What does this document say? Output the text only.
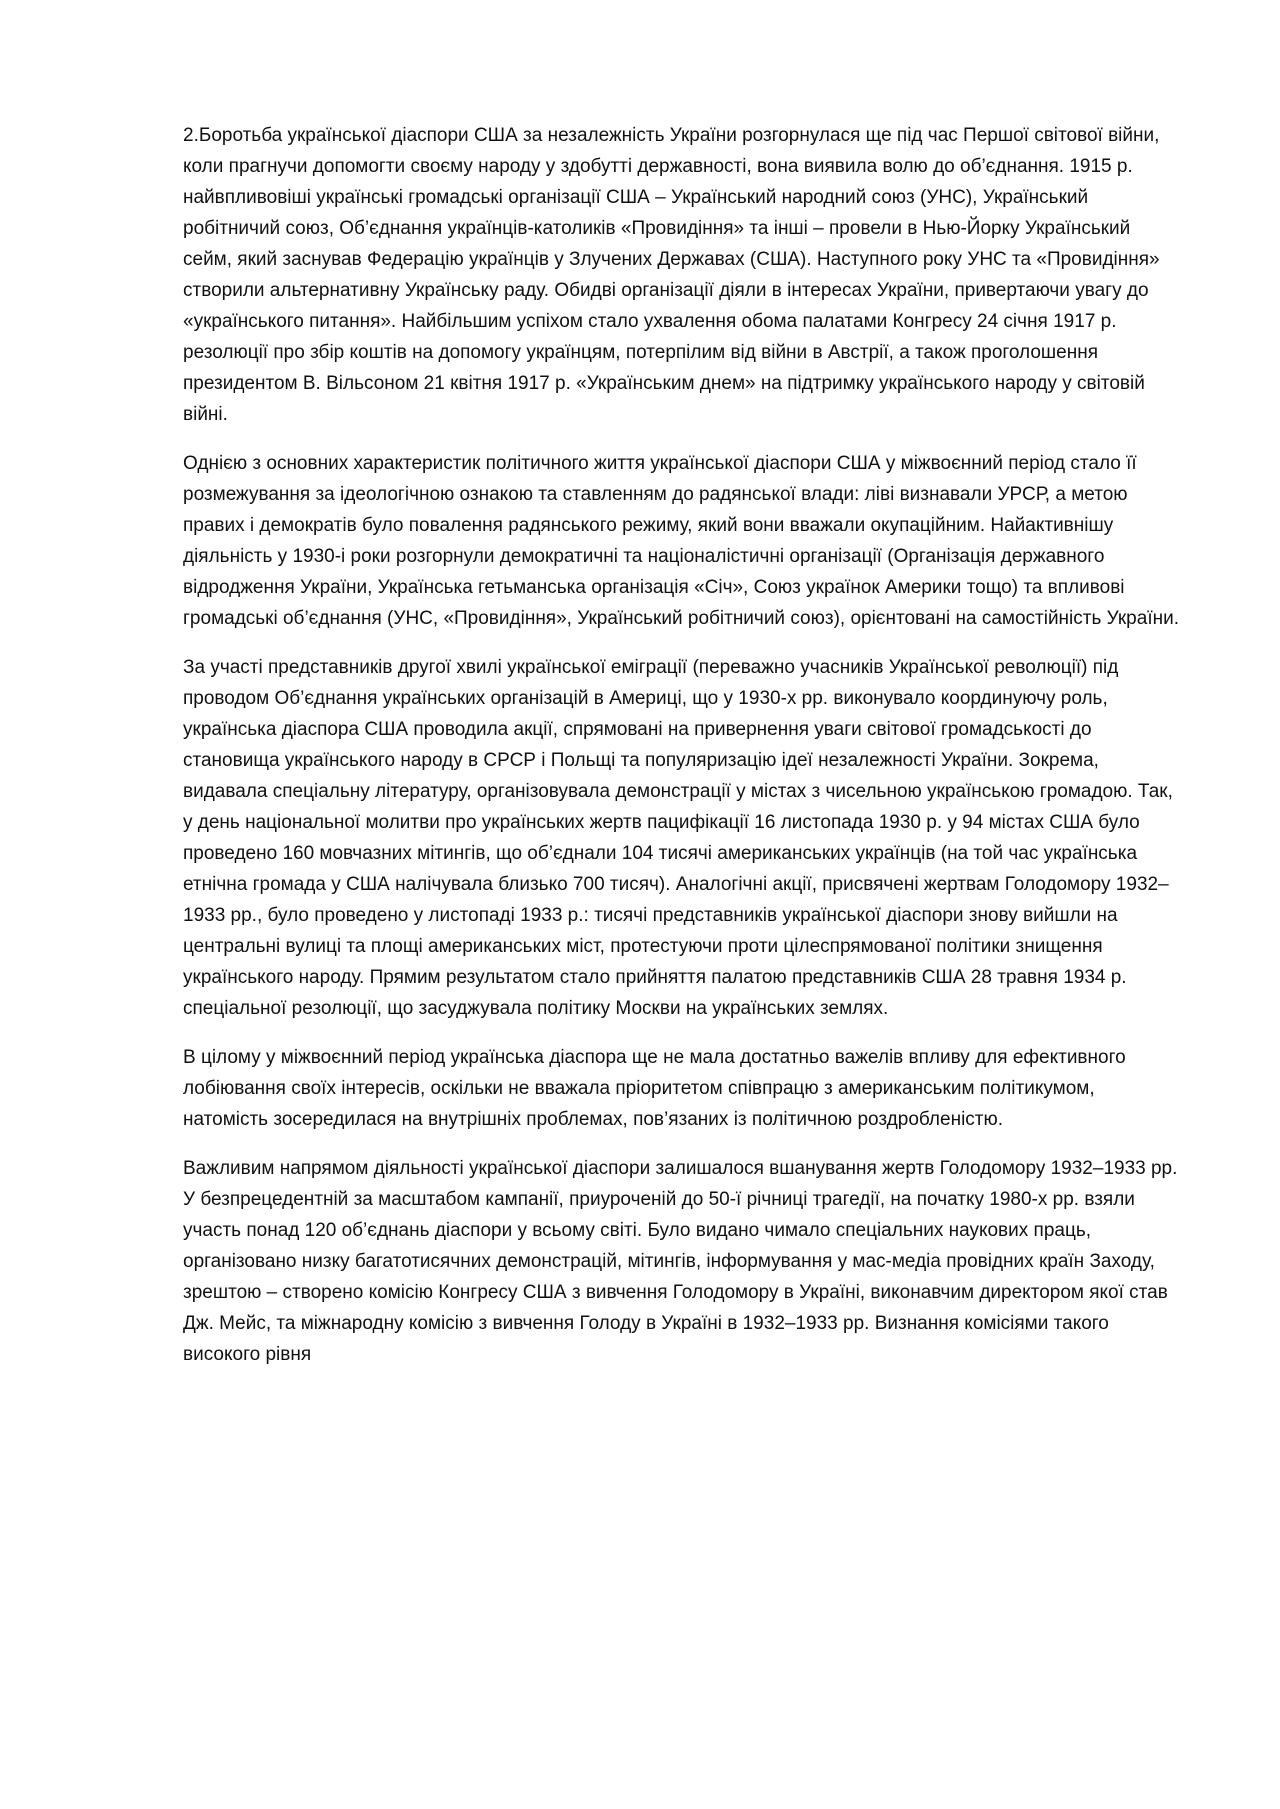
2.Боротьба української діаспори США за незалежність України розгорнулася ще під час Першої світової війни, коли прагнучи допомогти своєму народу у здобутті державності, вона виявила волю до об’єднання. 1915 р. найвпливовіші українські громадські організації США – Український народний союз (УНС), Український робітничий союз, Об’єднання українців-католиків «Провидіння» та інші – провели в Нью-Йорку Український сейм, який заснував Федерацію українців у Злучених Державах (США). Наступного року УНС та «Провидіння» створили альтернативну Українську раду. Обидві організації діяли в інтересах України, привертаючи увагу до «українського питання». Найбільшим успіхом стало ухвалення обома палатами Конгресу 24 січня 1917 р. резолюції про збір коштів на допомогу українцям, потерпілим від війни в Австрії, а також проголошення президентом В. Вільсоном 21 квітня 1917 р. «Українським днем» на підтримку українського народу у світовій війні.

Однією з основних характеристик політичного життя української діаспори США у міжвоєнний період стало її розмежування за ідеологічною ознакою та ставленням до радянської влади: ліві визнавали УРСР, а метою правих і демократів було повалення радянського режиму, який вони вважали окупаційним. Найактивнішу діяльність у 1930-і роки розгорнули демократичні та націоналістичні організації (Організація державного відродження України, Українська гетьманська організація «Січ», Союз українок Америки тощо) та впливові громадські об’єднання (УНС, «Провидіння», Український робітничий союз), орієнтовані на самостійність України.

За участі представників другої хвилі української еміграції (переважно учасників Української революції) під проводом Об’єднання українських організацій в Америці, що у 1930-х рр. виконувало координуючу роль, українська діаспора США проводила акції, спрямовані на привернення уваги світової громадськості до становища українського народу в СРСР і Польщі та популяризацію ідеї незалежності України. Зокрема, видавала спеціальну літературу, організовувала демонстрації у містах з чисельною українською громадою. Так, у день національної молитви про українських жертв пацифікації 16 листопада 1930 р. у 94 містах США було проведено 160 мовчазних мітингів, що об’єднали 104 тисячі американських українців (на той час українська етнічна громада у США налічувала близько 700 тисяч). Аналогічні акції, присвячені жертвам Голодомору 1932–1933 рр., було проведено у листопаді 1933 р.: тисячі представників української діаспори знову вийшли на центральні вулиці та площі американських міст, протестуючи проти цілеспрямованої політики знищення українського народу. Прямим результатом стало прийняття палатою представників США 28 травня 1934 р. спеціальної резолюції, що засуджувала політику Москви на українських землях.

В цілому у міжвоєнний період українська діаспора ще не мала достатньо важелів впливу для ефективного лобіювання своїх інтересів, оскільки не вважала пріоритетом співпрацю з американським політикумом, натомість зосередилася на внутрішніх проблемах, пов’язаних із політичною роздробленістю.

Важливим напрямом діяльності української діаспори залишалося вшанування жертв Голодомору 1932–1933 рр. У безпрецедентній за масштабом кампанії, приуроченій до 50-ї річниці трагедії, на початку 1980-х рр. взяли участь понад 120 об’єднань діаспори у всьому світі. Було видано чимало спеціальних наукових праць, організовано низку багатотисячних демонстрацій, мітингів, інформування у мас-медіа провідних країн Заходу, зрештою – створено комісію Конгресу США з вивчення Голодомору в Україні, виконавчим директором якої став Дж. Мейс, та міжнародну комісію з вивчення Голоду в Україні в 1932–1933 рр. Визнання комісіями такого високого рівня
